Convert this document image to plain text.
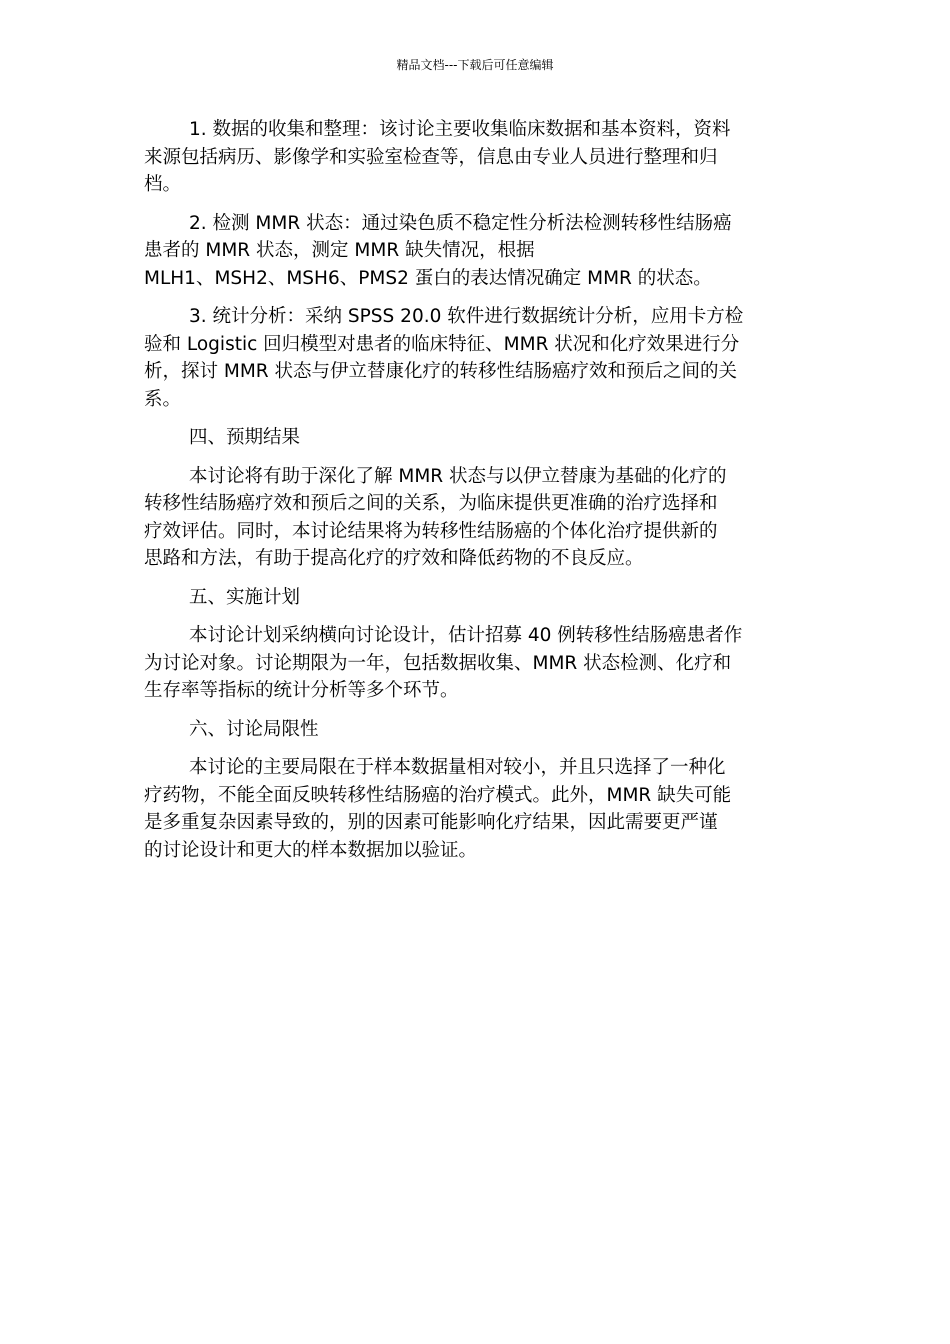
精品文档---下载后可任意编辑

1. 数据的收集和整理：该讨论主要收集临床数据和基本资料，资料
来源包括病历、影像学和实验室检查等，信息由专业人员进行整理和归
档。

2. 检测 MMR 状态：通过染色质不稳定性分析法检测转移性结肠癌
患者的 MMR 状态，测定 MMR 缺失情况，根据
MLH1、MSH2、MSH6、PMS2 蛋白的表达情况确定 MMR 的状态。

3. 统计分析：采纳 SPSS 20.0 软件进行数据统计分析，应用卡方检
验和 Logistic 回归模型对患者的临床特征、MMR 状况和化疗效果进行分
析，探讨 MMR 状态与伊立替康化疗的转移性结肠癌疗效和预后之间的关
系。

四、预期结果

本讨论将有助于深化了解 MMR 状态与以伊立替康为基础的化疗的
转移性结肠癌疗效和预后之间的关系，为临床提供更准确的治疗选择和
疗效评估。同时，本讨论结果将为转移性结肠癌的个体化治疗提供新的
思路和方法，有助于提高化疗的疗效和降低药物的不良反应。

五、实施计划

本讨论计划采纳横向讨论设计，估计招募 40 例转移性结肠癌患者作
为讨论对象。讨论期限为一年，包括数据收集、MMR 状态检测、化疗和
生存率等指标的统计分析等多个环节。

六、讨论局限性

本讨论的主要局限在于样本数据量相对较小，并且只选择了一种化
疗药物，不能全面反映转移性结肠癌的治疗模式。此外，MMR 缺失可能
是多重复杂因素导致的，别的因素可能影响化疗结果，因此需要更严谨
的讨论设计和更大的样本数据加以验证。
